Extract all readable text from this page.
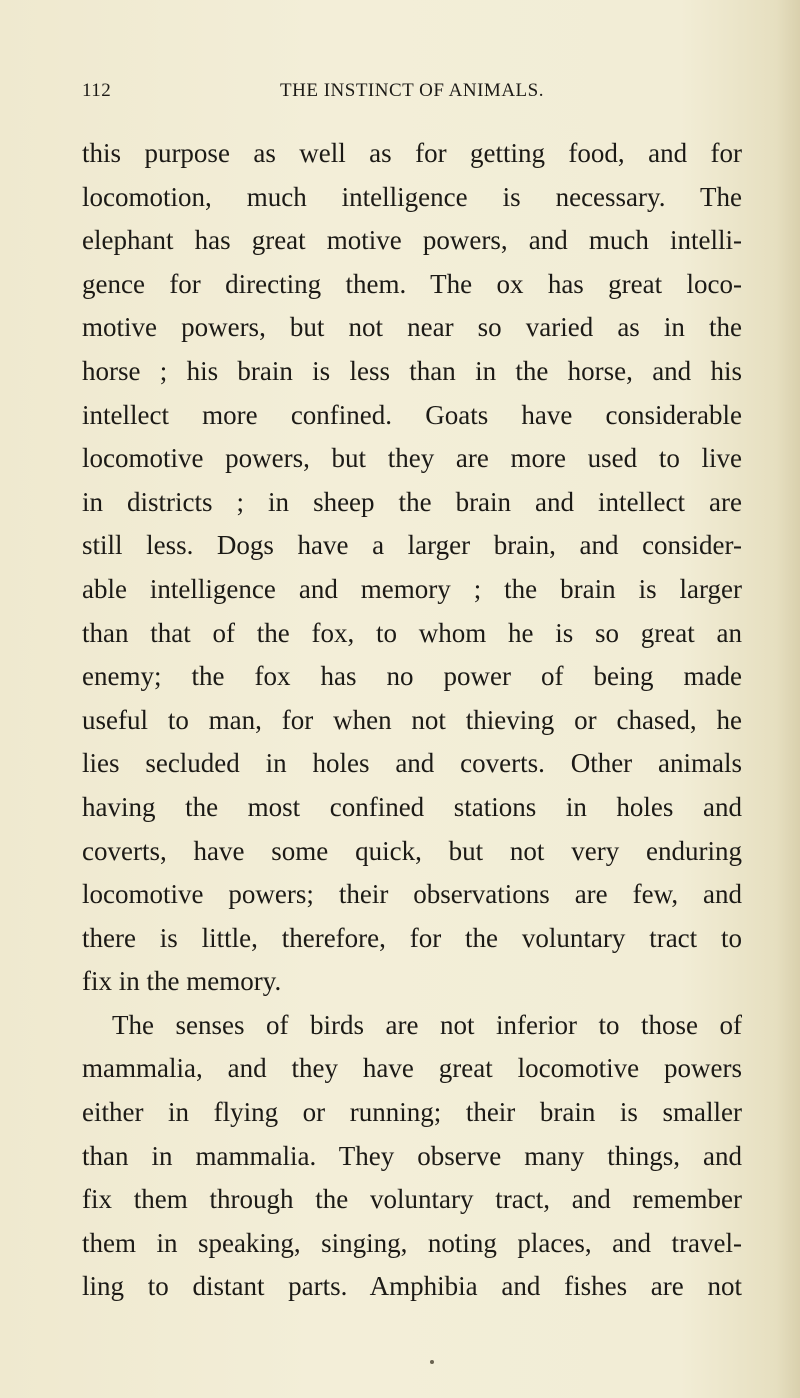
112	THE INSTINCT OF ANIMALS.
this purpose as well as for getting food, and for
locomotion, much intelligence is necessary. The
elephant has great motive powers, and much intelli-
gence for directing them. The ox has great loco-
motive powers, but not near so varied as in the
horse ; his brain is less than in the horse, and his
intellect more confined. Goats have considerable
locomotive powers, but they are more used to live
in districts ; in sheep the brain and intellect are
still less. Dogs have a larger brain, and consider-
able intelligence and memory ; the brain is larger
than that of the fox, to whom he is so great an
enemy; the fox has no power of being made
useful to man, for when not thieving or chased, he
lies secluded in holes and coverts. Other animals
having the most confined stations in holes and
coverts, have some quick, but not very enduring
locomotive powers; their observations are few, and
there is little, therefore, for the voluntary tract to
fix in the memory.
The senses of birds are not inferior to those of
mammalia, and they have great locomotive powers
either in flying or running; their brain is smaller
than in mammalia. They observe many things, and
fix them through the voluntary tract, and remember
them in speaking, singing, noting places, and travel-
ling to distant parts. Amphibia and fishes are not
